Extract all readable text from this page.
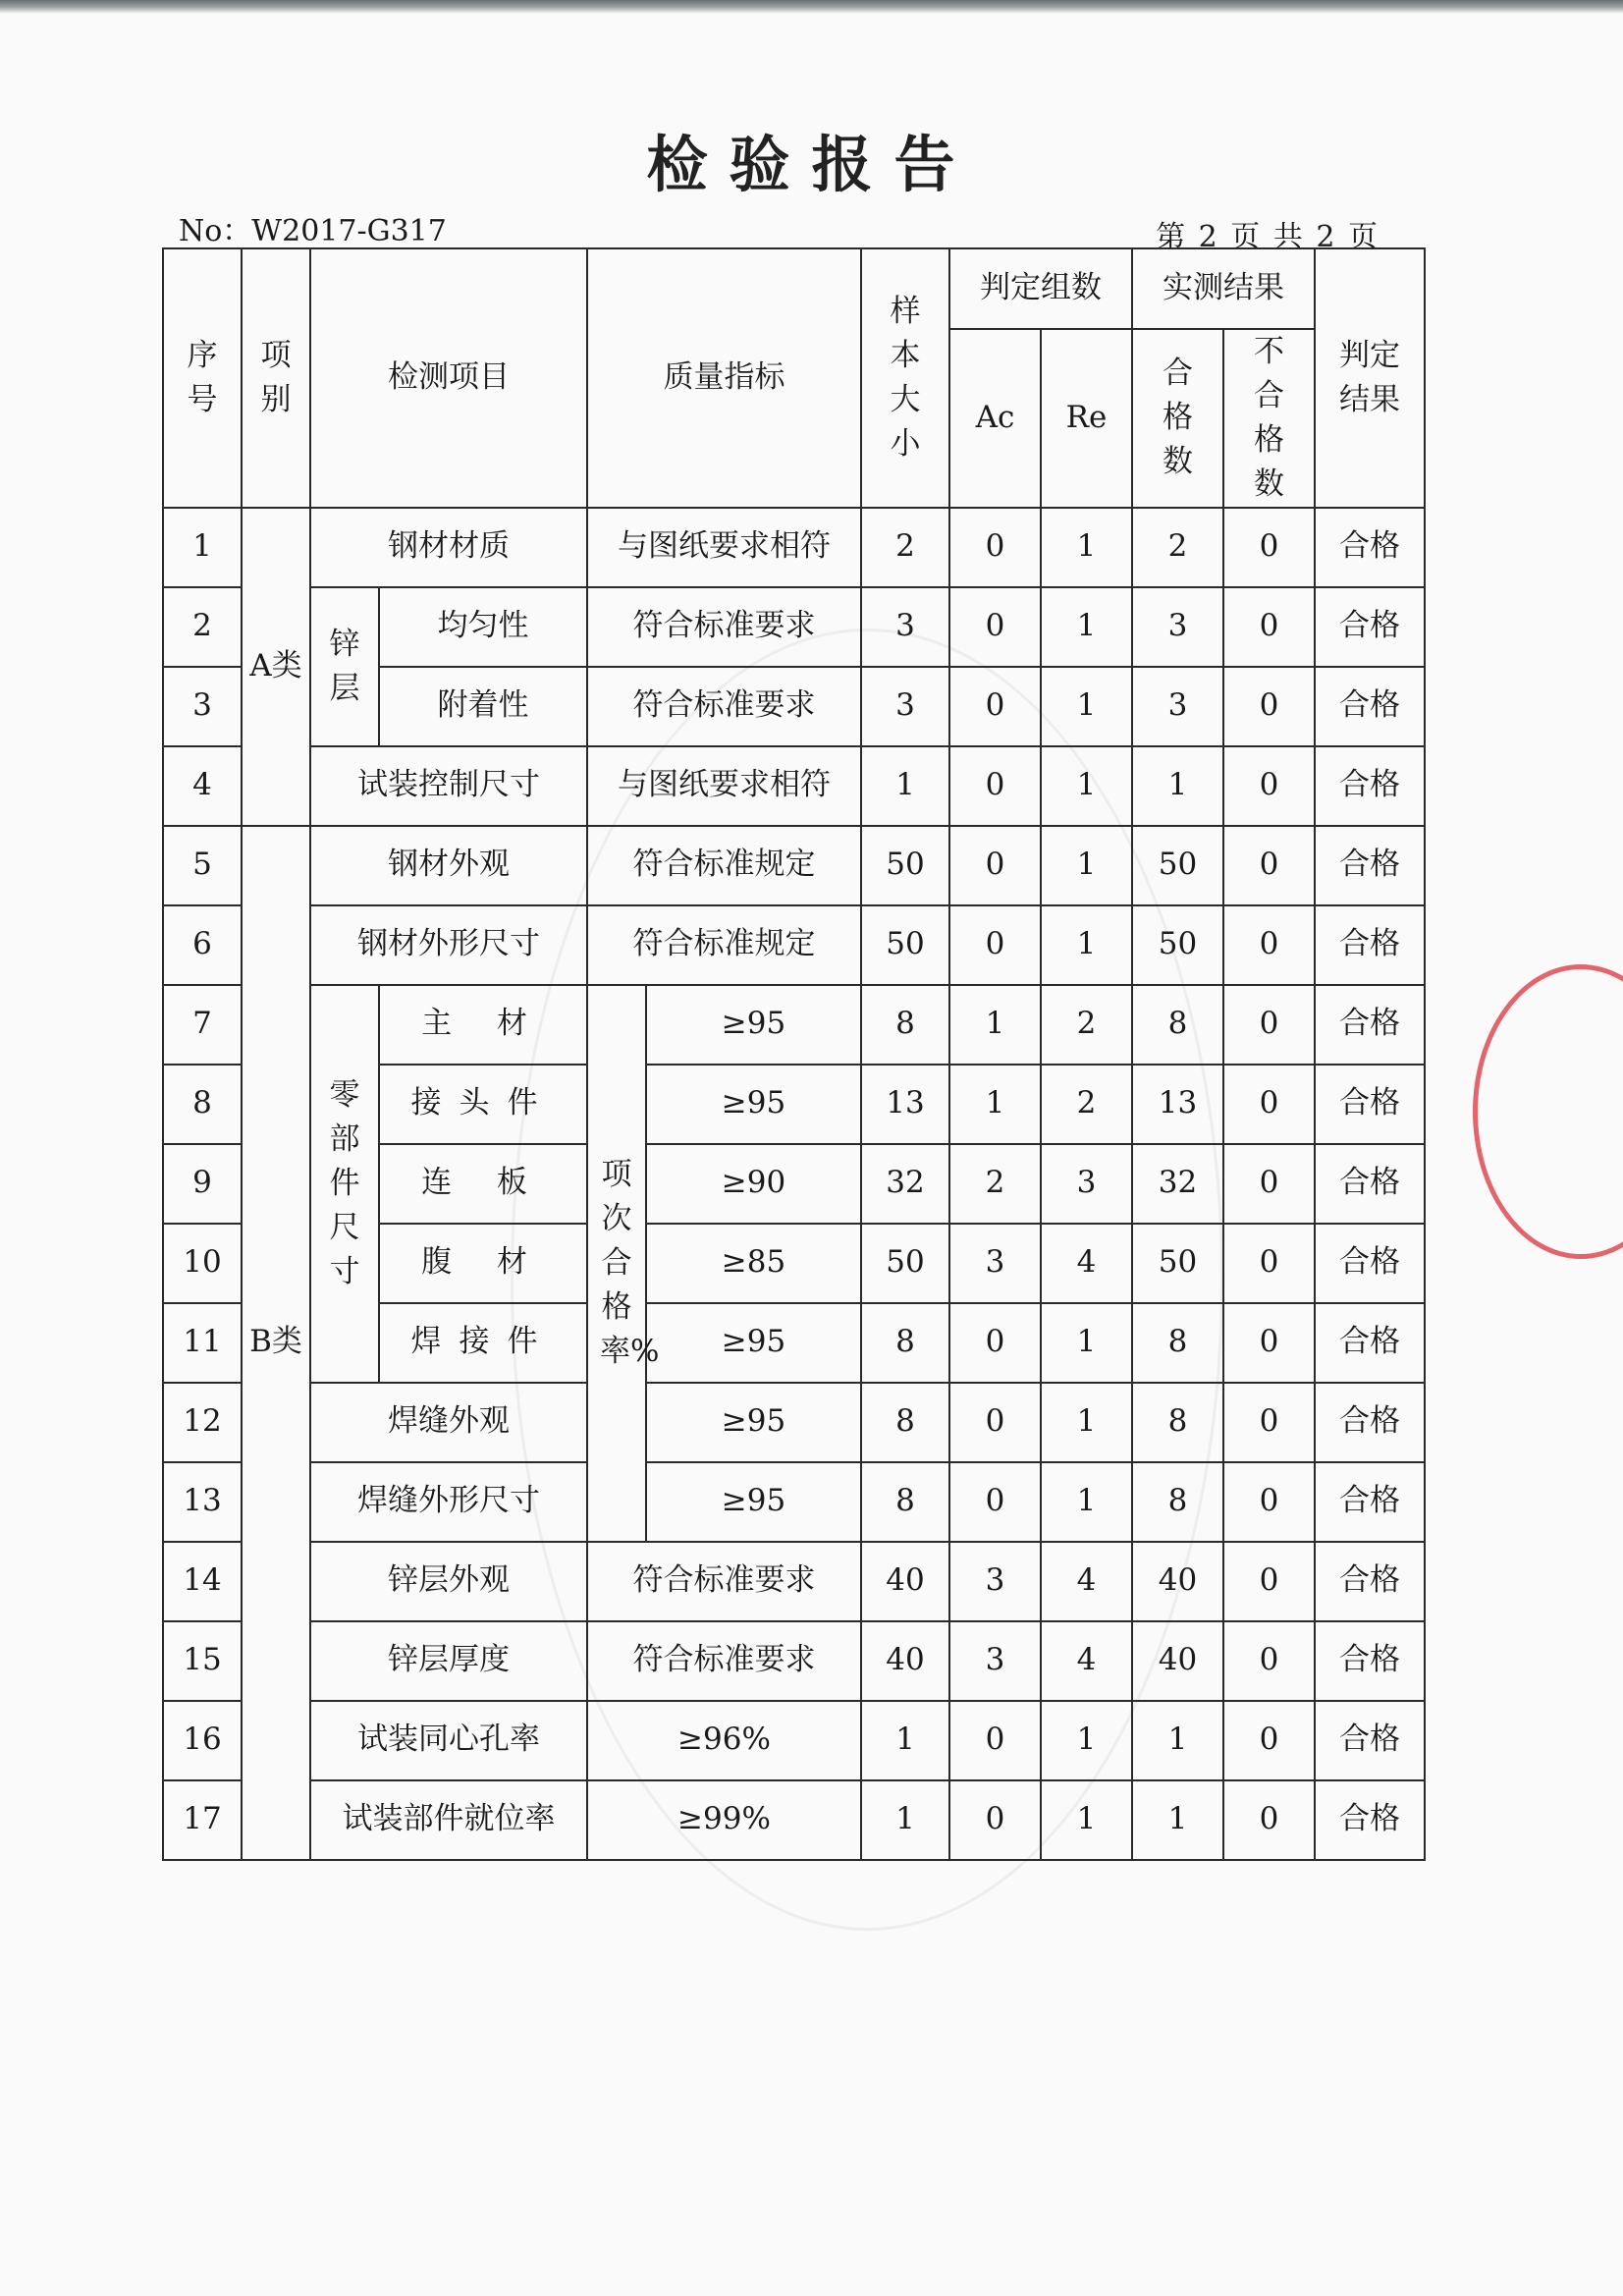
检验报告
No：W2017-G317	第 2 页 共 2 页
序号	项别	检测项目		质量指标		样本大小	判定组数		实测结果		判定结果
							Ac	Re	合格数	不合格数	
1	A类	钢材材质		与图纸要求相符		2	0	1	2	0	合格
2		锌层	均匀性	符合标准要求		3	0	1	3	0	合格
3			附着性	符合标准要求		3	0	1	3	0	合格
4		试装控制尺寸		与图纸要求相符		1	0	1	1	0	合格
5	B类	钢材外观		符合标准规定		50	0	1	50	0	合格
6		钢材外形尺寸		符合标准规定		50	0	1	50	0	合格
7		零部件尺寸	主 材	项次合格率%	≥95	8	1	2	8	0	合格
8			接头件		≥95	13	1	2	13	0	合格
9			连 板		≥90	32	2	3	32	0	合格
10			腹 材		≥85	50	3	4	50	0	合格
11			焊接件		≥95	8	0	1	8	0	合格
12		焊缝外观			≥95	8	0	1	8	0	合格
13		焊缝外形尺寸			≥95	8	0	1	8	0	合格
14		锌层外观		符合标准要求		40	3	4	40	0	合格
15		锌层厚度		符合标准要求		40	3	4	40	0	合格
16		试装同心孔率		≥96%		1	0	1	1	0	合格
17		试装部件就位率		≥99%		1	0	1	1	0	合格
